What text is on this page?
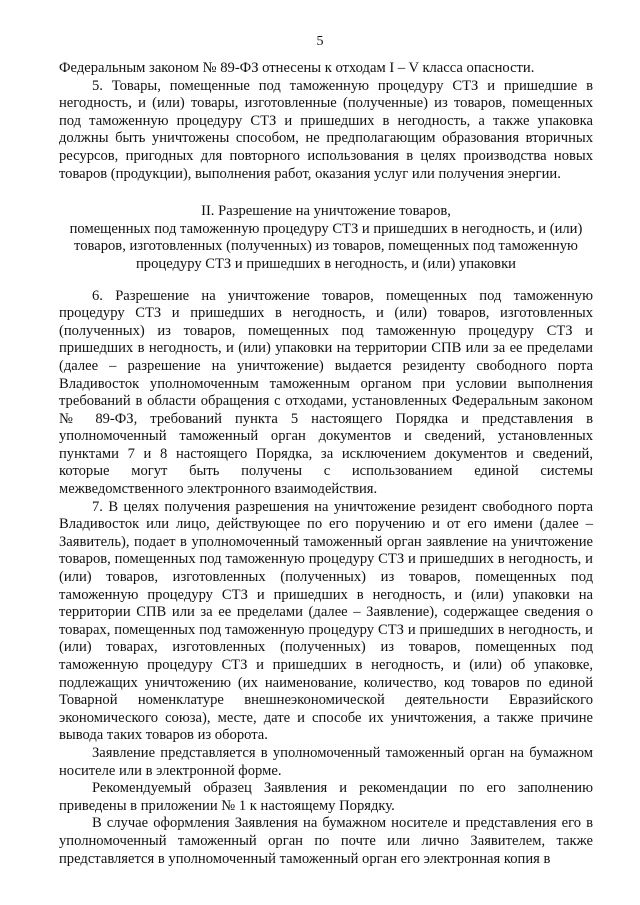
5

Федеральным законом № 89-ФЗ отнесены к отходам I – V класса опасности.

5. Товары, помещенные под таможенную процедуру СТЗ и пришедшие в негодность, и (или) товары, изготовленные (полученные) из товаров, помещенных под таможенную процедуру СТЗ и пришедших в негодность, а также упаковка должны быть уничтожены способом, не предполагающим образования вторичных ресурсов, пригодных для повторного использования в целях производства новых товаров (продукции), выполнения работ, оказания услуг или получения энергии.

II. Разрешение на уничтожение товаров,
помещенных под таможенную процедуру СТЗ и пришедших в негодность, и (или)
товаров, изготовленных (полученных) из товаров, помещенных под таможенную
процедуру СТЗ и пришедших в негодность, и (или) упаковки

6. Разрешение на уничтожение товаров, помещенных под таможенную процедуру СТЗ и пришедших в негодность, и (или) товаров, изготовленных (полученных) из товаров, помещенных под таможенную процедуру СТЗ и пришедших в негодность, и (или) упаковки на территории СПВ или за ее пределами (далее – разрешение на уничтожение) выдается резиденту свободного порта Владивосток уполномоченным таможенным органом при условии выполнения требований в области обращения с отходами, установленных Федеральным законом № 89-ФЗ, требований пункта 5 настоящего Порядка и представления в уполномоченный таможенный орган документов и сведений, установленных пунктами 7 и 8 настоящего Порядка, за исключением документов и сведений, которые могут быть получены с использованием единой системы межведомственного электронного взаимодействия.

7. В целях получения разрешения на уничтожение резидент свободного порта Владивосток или лицо, действующее по его поручению и от его имени (далее – Заявитель), подает в уполномоченный таможенный орган заявление на уничтожение товаров, помещенных под таможенную процедуру СТЗ и пришедших в негодность, и (или) товаров, изготовленных (полученных) из товаров, помещенных под таможенную процедуру СТЗ и пришедших в негодность, и (или) упаковки на территории СПВ или за ее пределами (далее – Заявление), содержащее сведения о товарах, помещенных под таможенную процедуру СТЗ и пришедших в негодность, и (или) товарах, изготовленных (полученных) из товаров, помещенных под таможенную процедуру СТЗ и пришедших в негодность, и (или) об упаковке, подлежащих уничтожению (их наименование, количество, код товаров по единой Товарной номенклатуре внешнеэкономической деятельности Евразийского экономического союза), месте, дате и способе их уничтожения, а также причине вывода таких товаров из оборота.

Заявление представляется в уполномоченный таможенный орган на бумажном носителе или в электронной форме.

Рекомендуемый образец Заявления и рекомендации по его заполнению приведены в приложении № 1 к настоящему Порядку.

В случае оформления Заявления на бумажном носителе и представления его в уполномоченный таможенный орган по почте или лично Заявителем, также представляется в уполномоченный таможенный орган его электронная копия в
